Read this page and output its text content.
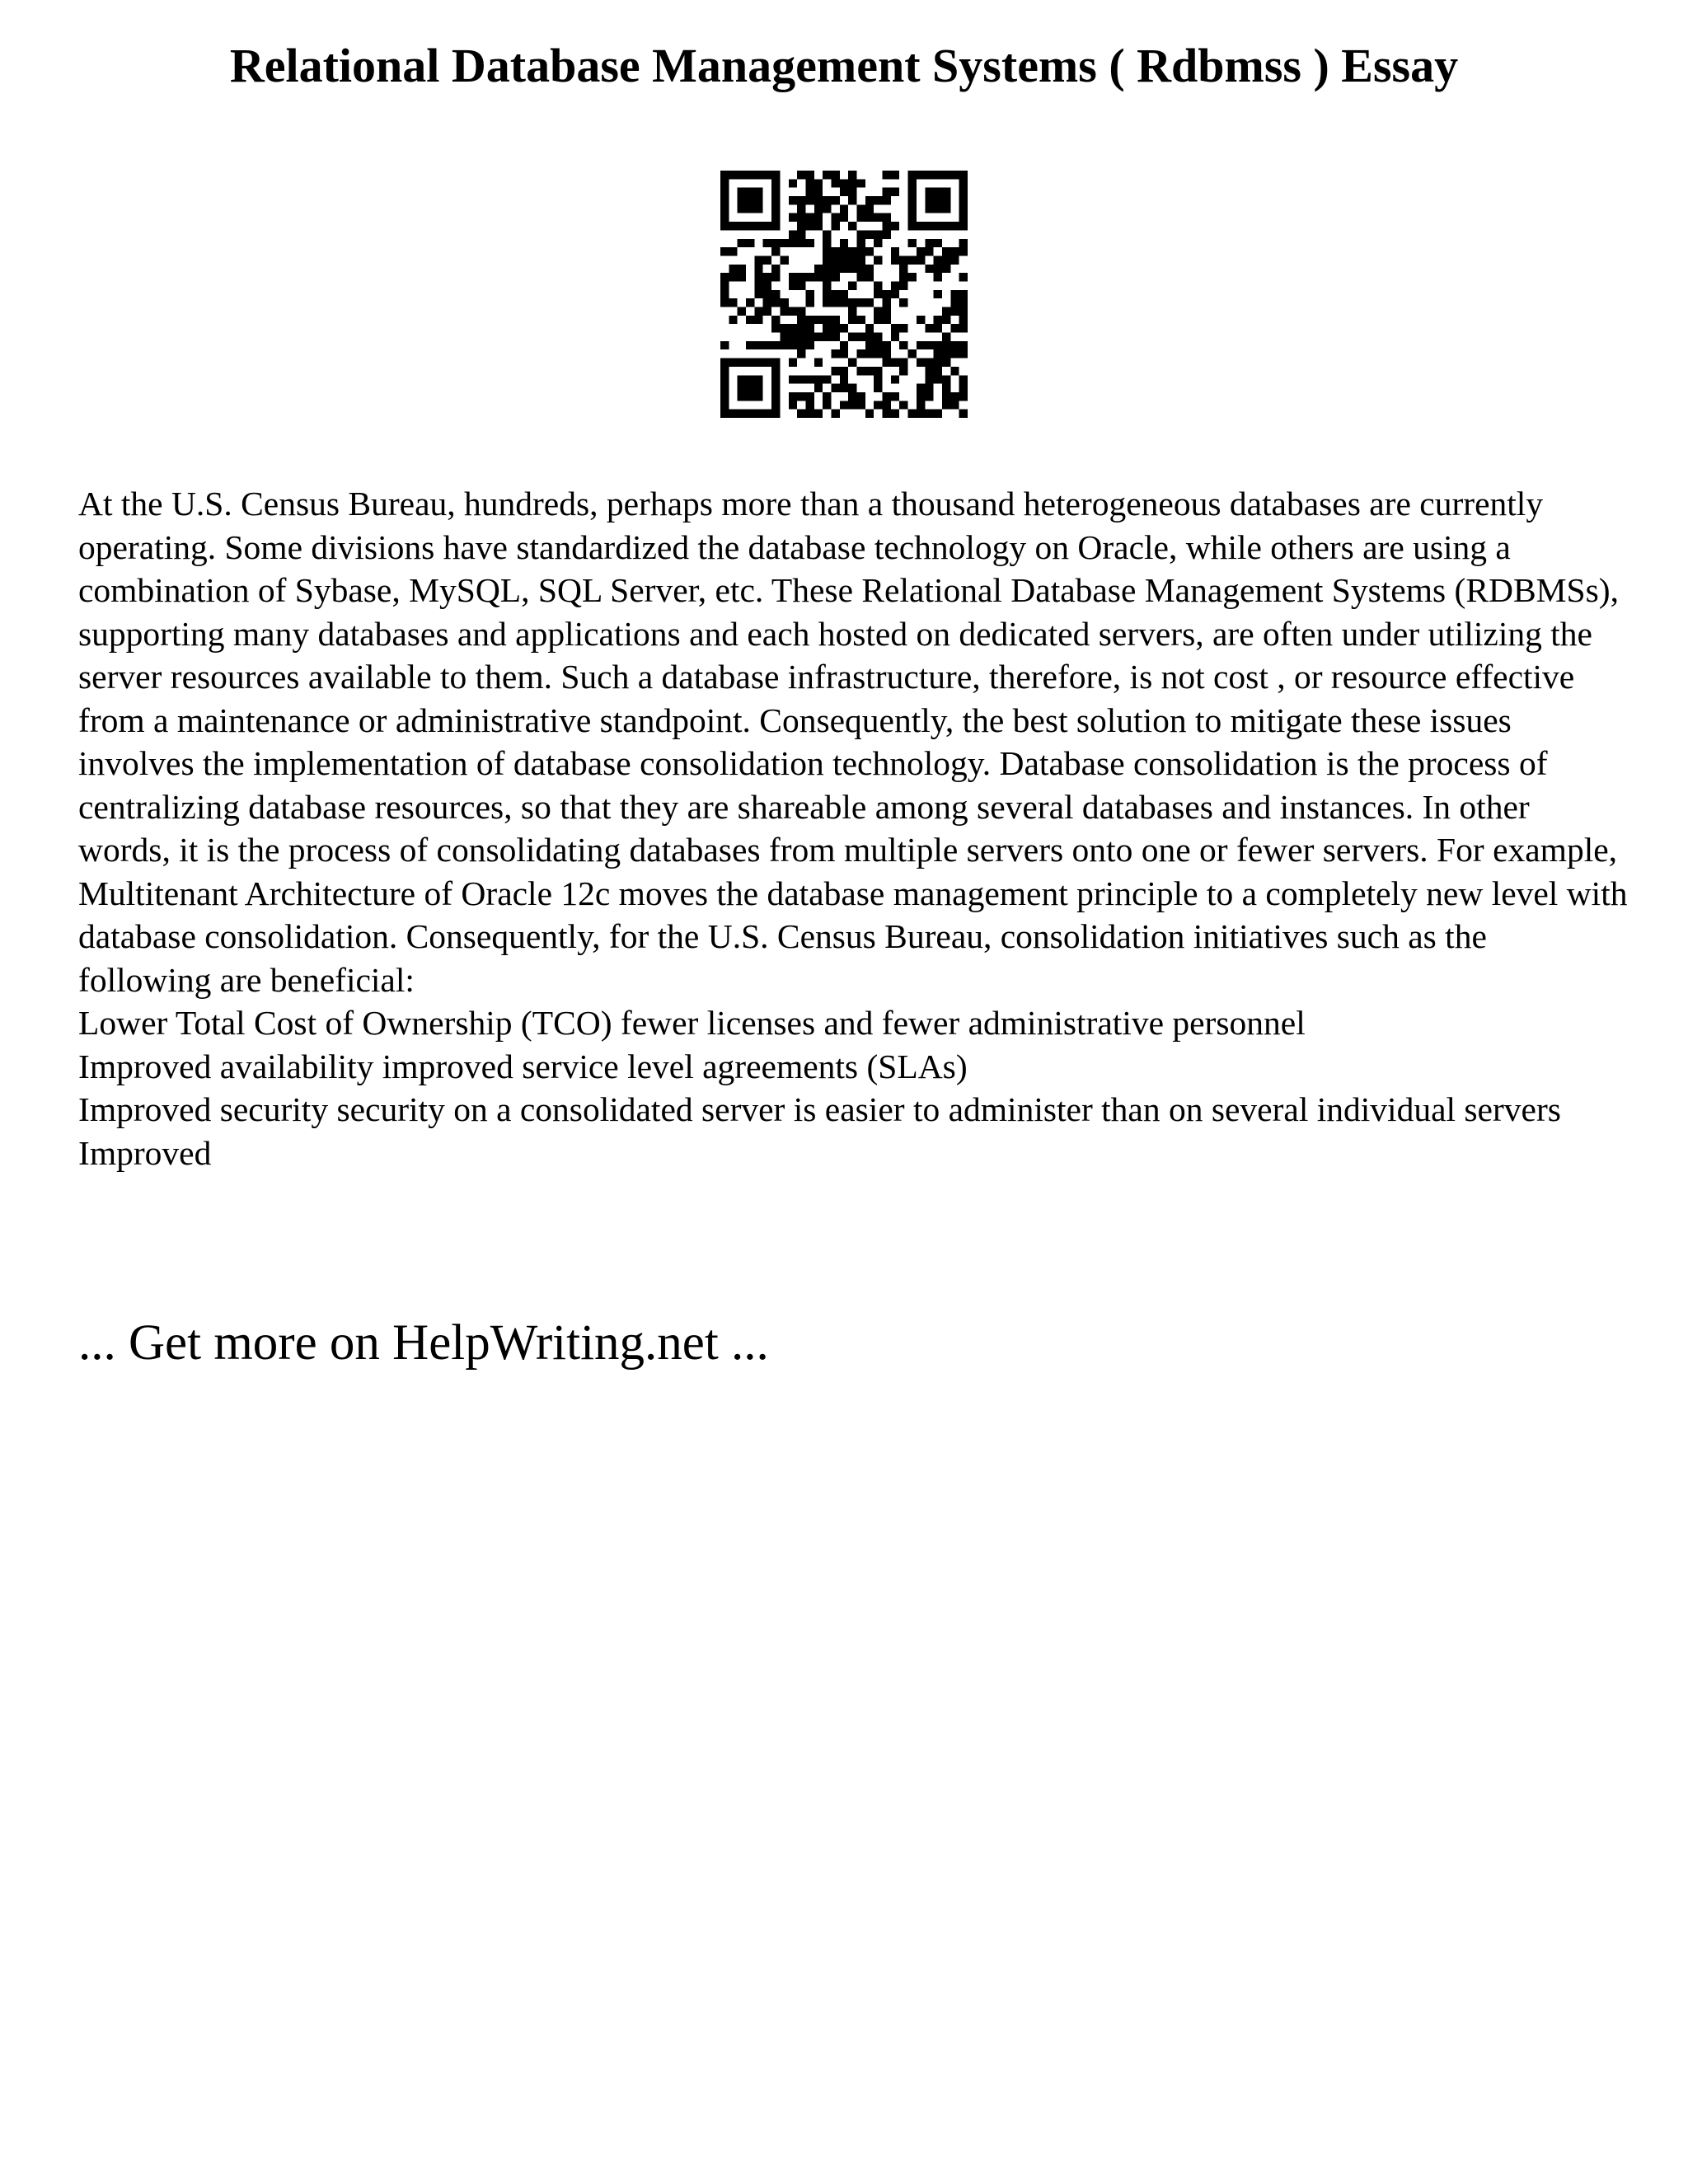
Relational Database Management Systems ( Rdbmss ) Essay

At the U.S. Census Bureau, hundreds, perhaps more than a thousand heterogeneous databases are currently operating. Some divisions have standardized the database technology on Oracle, while others are using a combination of Sybase, MySQL, SQL Server, etc. These Relational Database Management Systems (RDBMSs), supporting many databases and applications and each hosted on dedicated servers, are often under utilizing the server resources available to them. Such a database infrastructure, therefore, is not cost , or resource effective from a maintenance or administrative standpoint. Consequently, the best solution to mitigate these issues involves the implementation of database consolidation technology. Database consolidation is the process of centralizing database resources, so that they are shareable among several databases and instances. In other words, it is the process of consolidating databases from multiple servers onto one or fewer servers. For example, Multitenant Architecture of Oracle 12c moves the database management principle to a completely new level with database consolidation. Consequently, for the U.S. Census Bureau, consolidation initiatives such as the following are beneficial:

Lower Total Cost of Ownership (TCO) fewer licenses and fewer administrative personnel

Improved availability improved service level agreements (SLAs)

Improved security security on a consolidated server is easier to administer than on several individual servers

Improved

... Get more on HelpWriting.net ...
